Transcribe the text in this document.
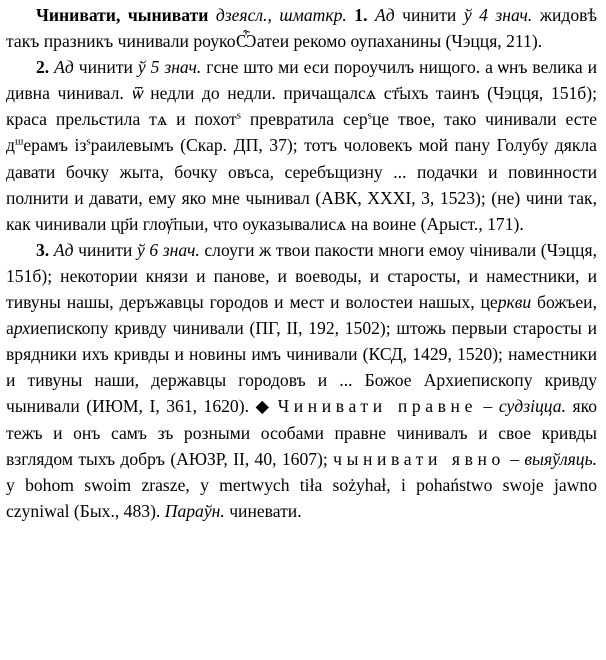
Чинивати, чынивати дзеясл., шматкр. 1. Ад чинити ў 4 знач. жидовѣ такъ празникъ чинивали роукоѼатеи рекомо оупаханины (Чэцця, 211).

2. Ад чинити ў 5 знач. гсне што ми еси пороучилъ нищого. а ѡнъ велика и дивна чинивал. ѿ недли до недли. причащалсѧ ст҃ыхъ таинъ (Чэцця, 151б); краса прельстила тѧ и похот$^s$ превратила сер$^s$це твое, тако чинивали есте $д^шерамъ$ $із^sраилевымъ$ (Скар. ДП, 37); тотъ чоловекъ мой пану Голубу дякла давати бочку жыта, бочку овъса, серебъщизну ... подачки и повинности полнити и давати, ему яко мне чынивал (АВК, XXXI, 3, 1523); (не) чини так, как чинивали цр҃и глѹ҃пыи, что оуказывалисѧ на воине (Арыст., 171).

3. Ад чинити ў 6 знач. слоуги ж твои пакости многи емоу чiнивали (Чэцця, 151б); некотории князи и панове, и воеводы, и старосты, и наместники, и тивуны нашы, деръжавцы городов и мест и волостеи нашых, церкви божъеи, архиепископу кривду чинивали (ПГ, II, 192, 1502); штожь первыи старосты и врядники ихъ кривды и новины имъ чинивали (КСД, 1429, 1520); наместники и тивуны наши, державцы городовъ и ... Божое Архиепископу кривду чынивали (ИЮМ, I, 361, 1620). ◆ Чинивати правне – судзіцца. яко тежъ и онъ самъ зъ розными особами правне чинивалъ и свое кривды взглядом тыхъ добръ (АЮЗР, II, 40, 1607); чынивати явно – выяўляць. y bohom swoim zrasze, y mertwych tiła sożyhał, i pohaństwo swoje jawno czyniwal (Бых., 483). Параўн. чиневати.
